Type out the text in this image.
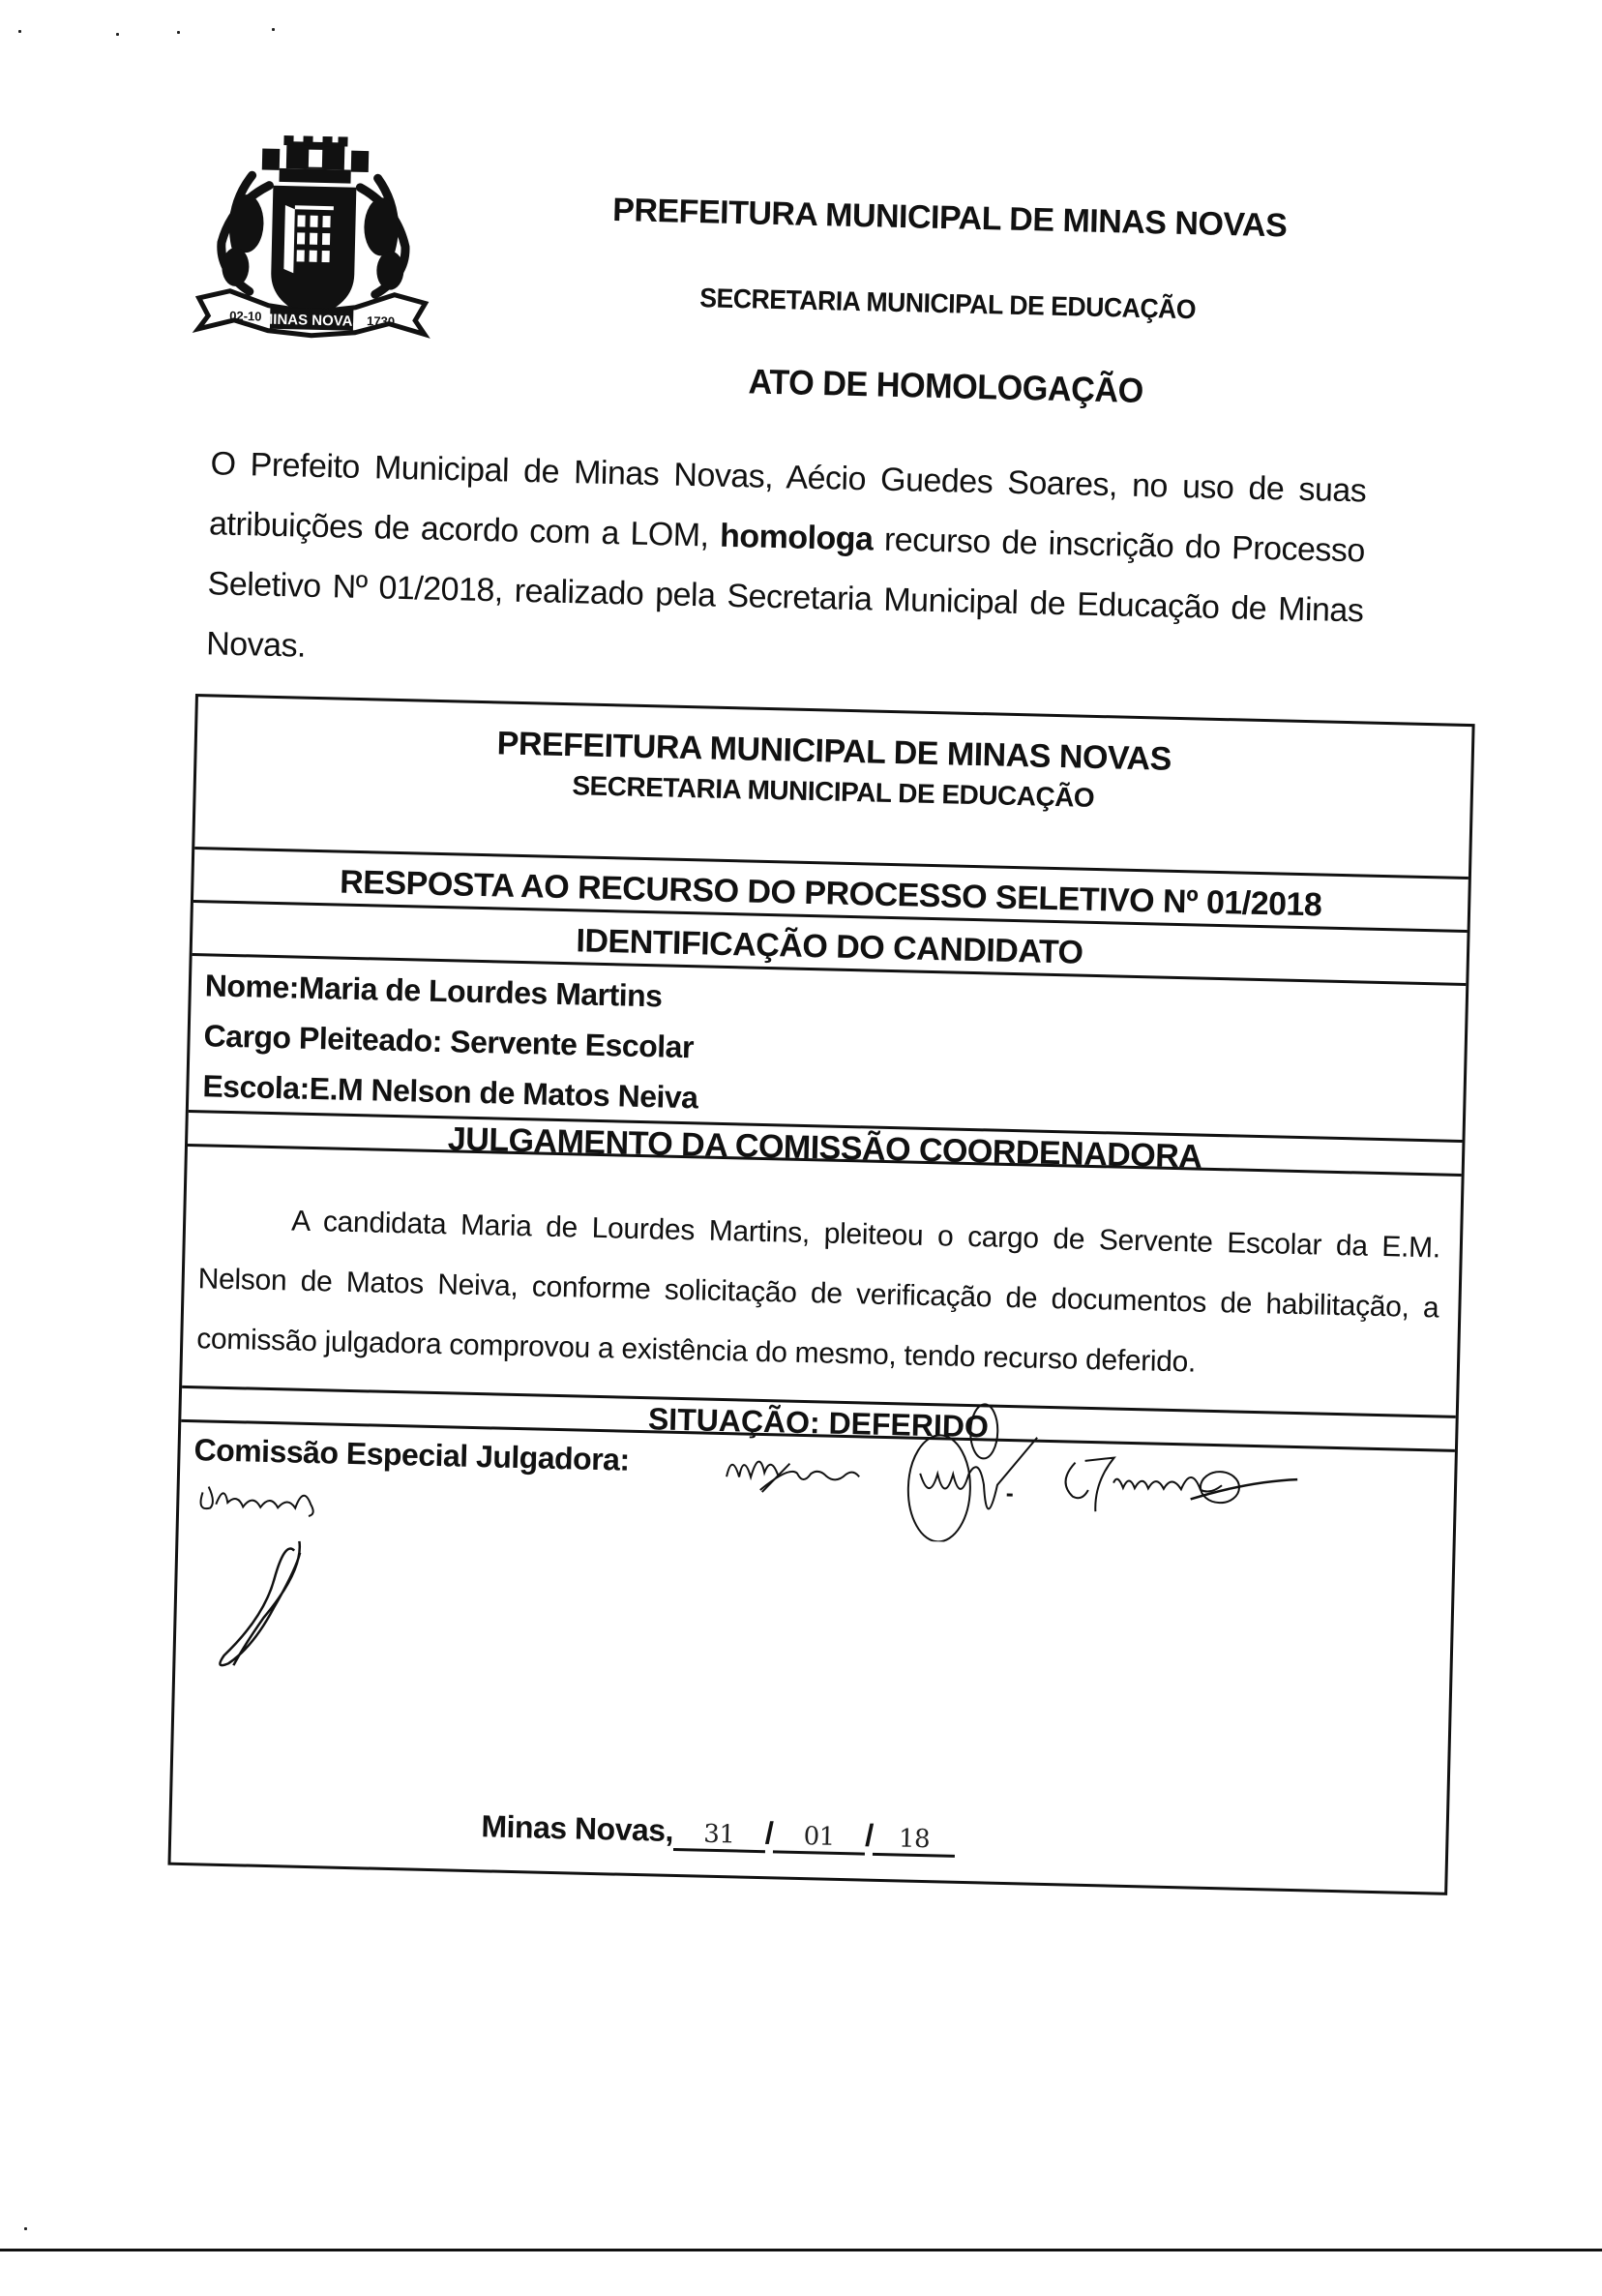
02-10
MINAS NOVAS 1730
PREFEITURA MUNICIPAL DE MINAS NOVAS
SECRETARIA MUNICIPAL DE EDUCAÇÃO
ATO DE HOMOLOGAÇÃO

O Prefeito Municipal de Minas Novas, Aécio Guedes Soares, no uso de suas atribuições de acordo com a LOM, homologa recurso de inscrição do Processo Seletivo Nº 01/2018, realizado pela Secretaria Municipal de Educação de Minas Novas.

PREFEITURA MUNICIPAL DE MINAS NOVAS
SECRETARIA MUNICIPAL DE EDUCAÇÃO
RESPOSTA AO RECURSO DO PROCESSO SELETIVO Nº 01/2018
IDENTIFICAÇÃO DO CANDIDATO
Nome:Maria de Lourdes Martins
Cargo Pleiteado: Servente Escolar
Escola:E.M Nelson de Matos Neiva
JULGAMENTO DA COMISSÃO COORDENADORA
A candidata Maria de Lourdes Martins, pleiteou o cargo de Servente Escolar da E.M. Nelson de Matos Neiva, conforme solicitação de verificação de documentos de habilitação, a comissão julgadora comprovou a existência do mesmo, tendo recurso deferido.
SITUAÇÃO: DEFERIDO
Comissão Especial Julgadora:
Minas Novas, 31 / 01 / 18
